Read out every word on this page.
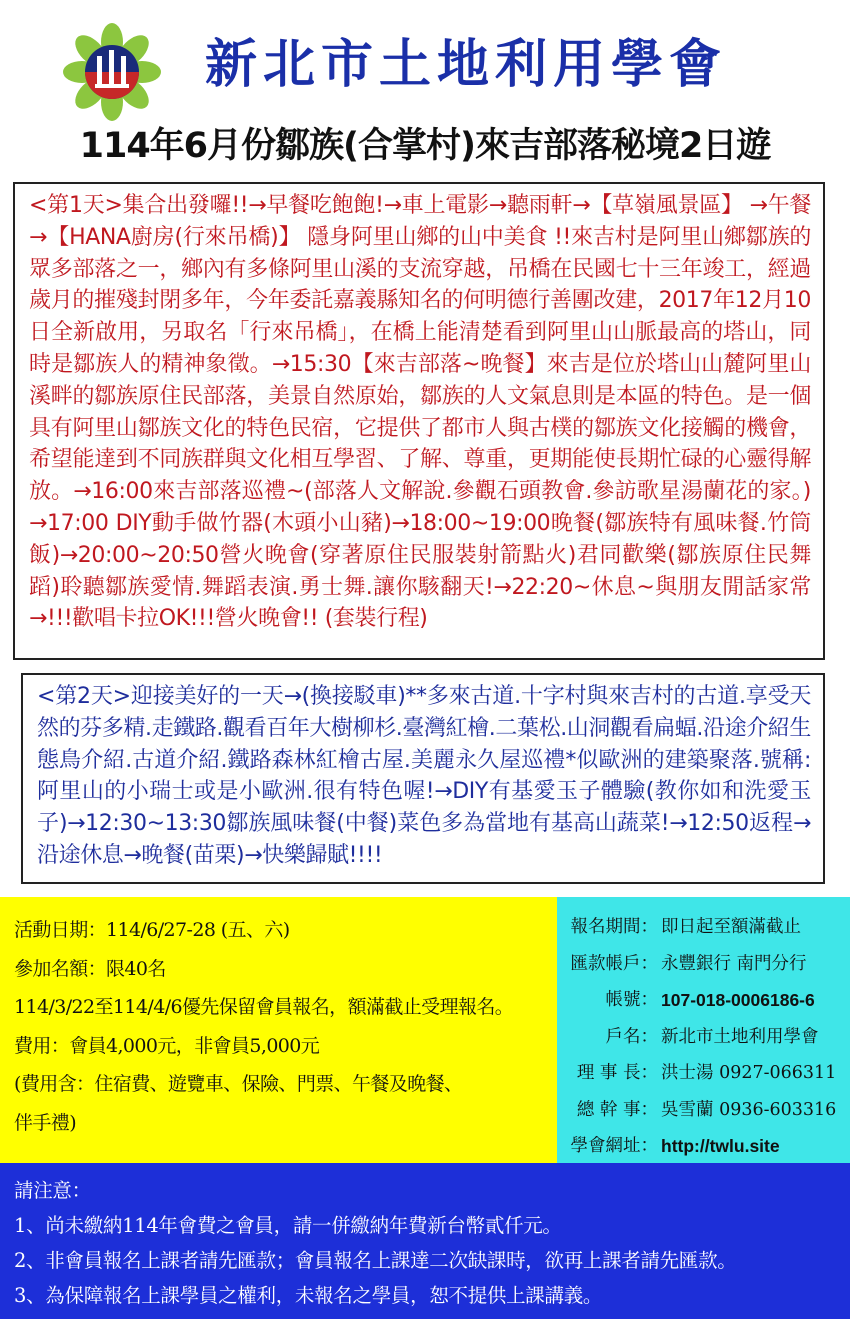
新北市土地利用學會
114年6月份鄒族(合掌村)來吉部落秘境2日遊

<第1天>集合出發囉!!→早餐吃飽飽!→車上電影→聽雨軒→【草嶺風景區】 →午餐→【HANA廚房(行來吊橋)】 隱身阿里山鄉的山中美食 !!來吉村是阿里山鄉鄒族的眾多部落之一，鄉內有多條阿里山溪的支流穿越，吊橋在民國七十三年竣工，經過歲月的摧殘封閉多年，今年委託嘉義縣知名的何明德行善團改建，2017年12月10日全新啟用，另取名「行來吊橋」，在橋上能清楚看到阿里山山脈最高的塔山，同時是鄒族人的精神象徵。→15:30【來吉部落~晚餐】來吉是位於塔山山麓阿里山溪畔的鄒族原住民部落，美景自然原始，鄒族的人文氣息則是本區的特色。是一個具有阿里山鄒族文化的特色民宿，它提供了都市人與古樸的鄒族文化接觸的機會，希望能達到不同族群與文化相互學習、了解、尊重，更期能使長期忙碌的心靈得解放。→16:00來吉部落巡禮~(部落人文解說.參觀石頭教會.參訪歌星湯蘭花的家。)→17:00 DIY動手做竹器(木頭小山豬)→18:00~19:00晚餐(鄒族特有風味餐.竹筒飯)→20:00~20:50營火晚會(穿著原住民服裝射箭點火)君同歡樂(鄒族原住民舞蹈)聆聽鄒族愛情.舞蹈表演.勇士舞.讓你駭翻天!→22:20~休息~與朋友閒話家常→!!!歡唱卡拉OK!!!營火晚會!! (套裝行程)

<第2天>迎接美好的一天→(換接駁車)**多來古道.十字村與來吉村的古道.享受天然的芬多精.走鐵路.觀看百年大樹柳杉.臺灣紅檜.二葉松.山洞觀看扁蝠.沿途介紹生態鳥介紹.古道介紹.鐵路森林紅檜古屋.美麗永久屋巡禮*似歐洲的建築聚落.號稱:阿里山的小瑞士或是小歐洲.很有特色喔!→DIY有基愛玉子體驗(教你如和洗愛玉子)→12:30~13:30鄒族風味餐(中餐)菜色多為當地有基高山蔬菜!→12:50返程→沿途休息→晚餐(苗栗)→快樂歸賦!!!!

活動日期：114/6/27-28 (五、六)
參加名額：限40名
114/3/22至114/4/6優先保留會員報名，額滿截止受理報名。
費用：會員4,000元，非會員5,000元
(費用含：住宿費、遊覽車、保險、門票、午餐及晚餐、
伴手禮)
報名期間： 即日起至額滿截止
匯款帳戶： 永豐銀行 南門分行
帳號： 107-018-0006186-6
戶名： 新北市土地利用學會
理 事 長： 洪士湯 0927-066311
總 幹 事： 吳雪蘭 0936-603316
學會網址： http://twlu.site
請注意：
1、尚未繳納114年會費之會員，請一併繳納年費新台幣貳仟元。
2、非會員報名上課者請先匯款；會員報名上課達二次缺課時，欲再上課者請先匯款。
3、為保障報名上課學員之權利，未報名之學員，恕不提供上課講義。
